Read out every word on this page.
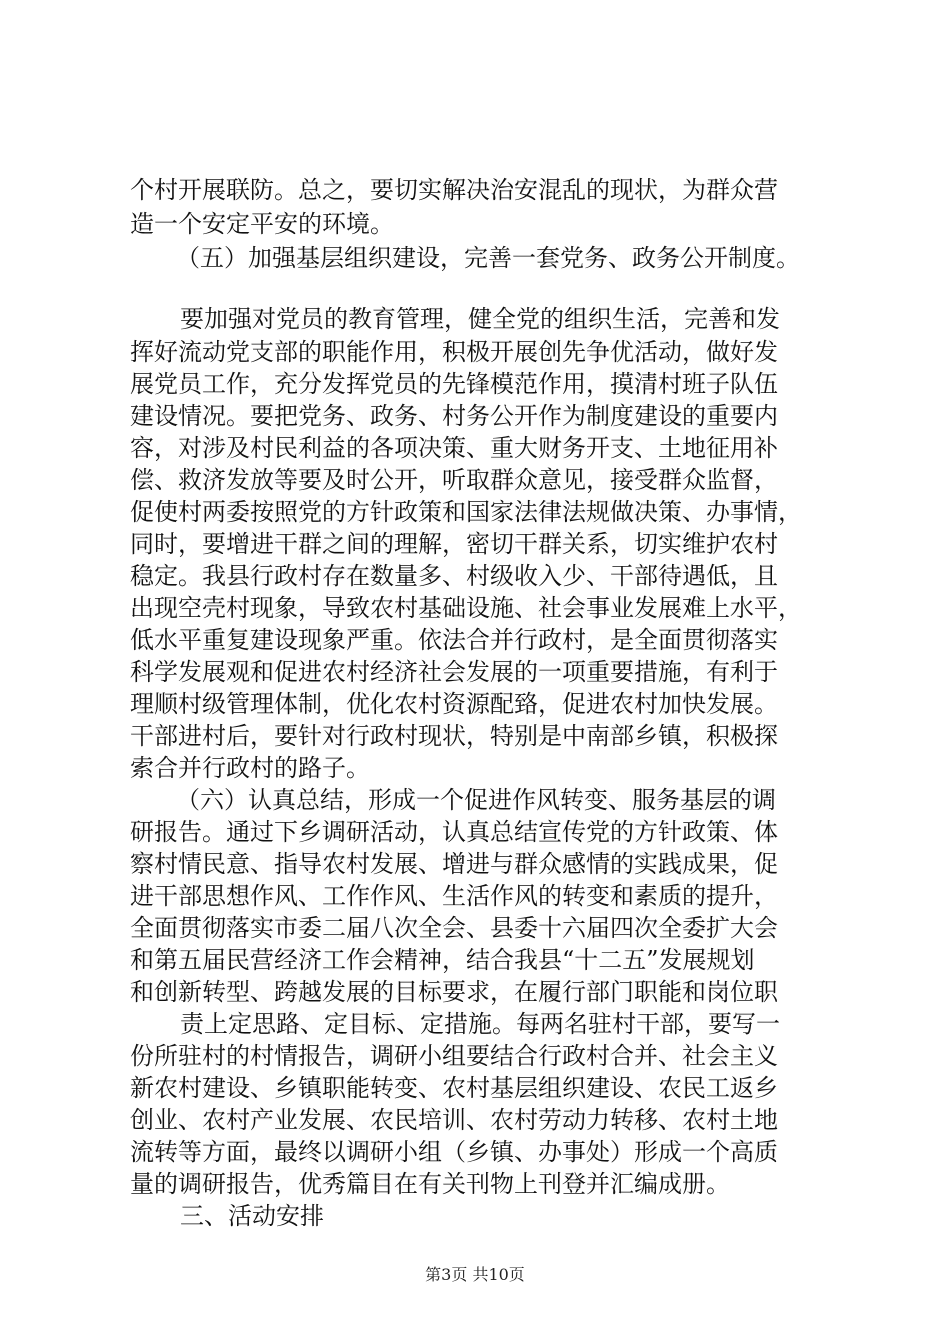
个村开展联防。总之，要切实解决治安混乱的现状，为群众营
造一个安定平安的环境。
（五）加强基层组织建设，完善一套党务、政务公开制度。
要加强对党员的教育管理，健全党的组织生活，完善和发
挥好流动党支部的职能作用，积极开展创先争优活动，做好发
展党员工作，充分发挥党员的先锋模范作用，摸清村班子队伍
建设情况。要把党务、政务、村务公开作为制度建设的重要内
容，对涉及村民利益的各项决策、重大财务开支、土地征用补
偿、救济发放等要及时公开，听取群众意见，接受群众监督，
促使村两委按照党的方针政策和国家法律法规做决策、办事情，
同时，要增进干群之间的理解，密切干群关系，切实维护农村
稳定。我县行政村存在数量多、村级收入少、干部待遇低，且
出现空壳村现象，导致农村基础设施、社会事业发展难上水平，
低水平重复建设现象严重。依法合并行政村，是全面贯彻落实
科学发展观和促进农村经济社会发展的一项重要措施，有利于
理顺村级管理体制，优化农村资源配臵，促进农村加快发展。
干部进村后，要针对行政村现状，特别是中南部乡镇，积极探
索合并行政村的路子。
（六）认真总结，形成一个促进作风转变、服务基层的调
研报告。通过下乡调研活动，认真总结宣传党的方针政策、体
察村情民意、指导农村发展、增进与群众感情的实践成果，促
进干部思想作风、工作作风、生活作风的转变和素质的提升，
全面贯彻落实市委二届八次全会、县委十六届四次全委扩大会
和第五届民营经济工作会精神，结合我县“十二五”发展规划
和创新转型、跨越发展的目标要求，在履行部门职能和岗位职
责上定思路、定目标、定措施。每两名驻村干部，要写一
份所驻村的村情报告，调研小组要结合行政村合并、社会主义
新农村建设、乡镇职能转变、农村基层组织建设、农民工返乡
创业、农村产业发展、农民培训、农村劳动力转移、农村土地
流转等方面，最终以调研小组（乡镇、办事处）形成一个高质
量的调研报告，优秀篇目在有关刊物上刊登并汇编成册。
三、活动安排
第3页 共10页
